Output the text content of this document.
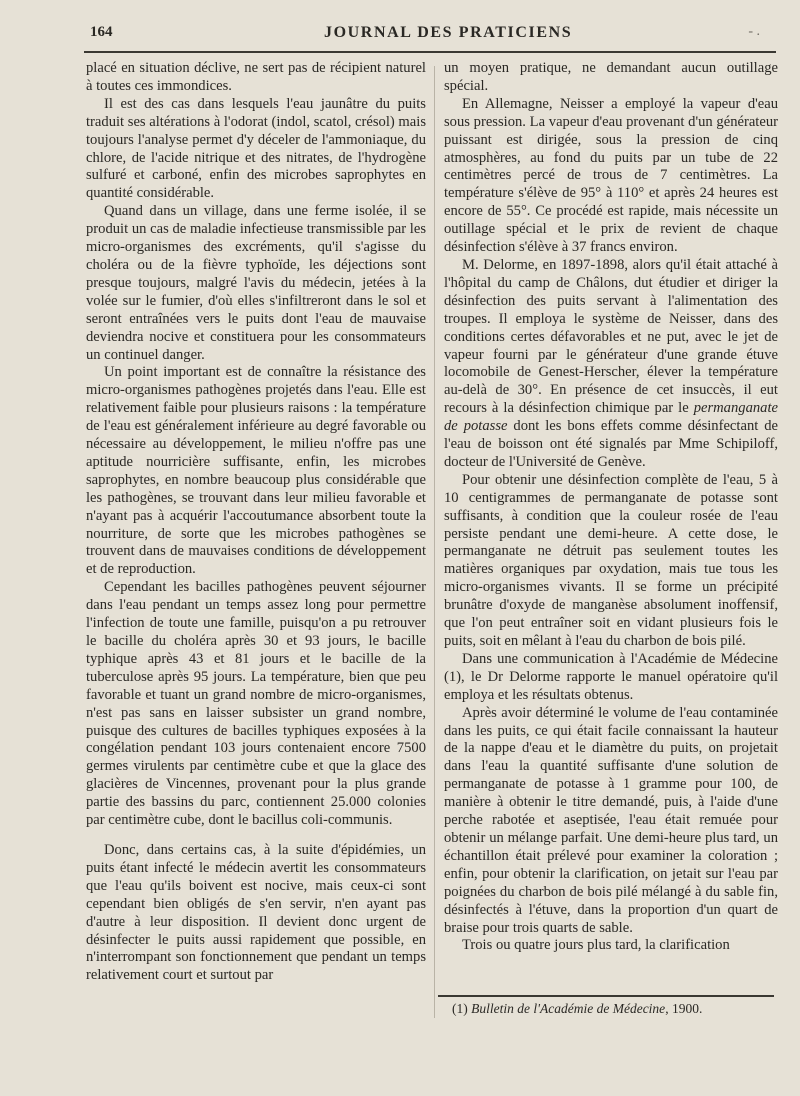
164	JOURNAL DES PRATICIENS	- .

placé en situation déclive, ne sert pas de récipient naturel à toutes ces immondices.

Il est des cas dans lesquels l'eau jaunâtre du puits traduit ses altérations à l'odorat (indol, scatol, crésol) mais toujours l'analyse permet d'y déceler de l'ammoniaque, du chlore, de l'acide nitrique et des nitrates, de l'hydrogène sulfuré et carboné, enfin des microbes saprophytes en quantité considérable.

Quand dans un village, dans une ferme isolée, il se produit un cas de maladie infectieuse transmissible par les micro-organismes des excréments, qu'il s'agisse du choléra ou de la fièvre typhoïde, les déjections sont presque toujours, malgré l'avis du médecin, jetées à la volée sur le fumier, d'où elles s'infiltreront dans le sol et seront entraînées vers le puits dont l'eau de mauvaise deviendra nocive et constituera pour les consommateurs un continuel danger.

Un point important est de connaître la résistance des micro-organismes pathogènes projetés dans l'eau. Elle est relativement faible pour plusieurs raisons : la température de l'eau est généralement inférieure au degré favorable ou nécessaire au développement, le milieu n'offre pas une aptitude nourricière suffisante, enfin, les microbes saprophytes, en nombre beaucoup plus considérable que les pathogènes, se trouvant dans leur milieu favorable et n'ayant pas à acquérir l'accoutumance absorbent toute la nourriture, de sorte que les microbes pathogènes se trouvent dans de mauvaises conditions de développement et de reproduction.

Cependant les bacilles pathogènes peuvent séjourner dans l'eau pendant un temps assez long pour permettre l'infection de toute une famille, puisqu'on a pu retrouver le bacille du choléra après 30 et 93 jours, le bacille typhique après 43 et 81 jours et le bacille de la tuberculose après 95 jours. La température, bien que peu favorable et tuant un grand nombre de micro-organismes, n'est pas sans en laisser subsister un grand nombre, puisque des cultures de bacilles typhiques exposées à la congélation pendant 103 jours contenaient encore 7500 germes virulents par centimètre cube et que la glace des glacières de Vincennes, provenant pour la plus grande partie des bassins du parc, contiennent 25.000 colonies par centimètre cube, dont le bacillus coli-communis.

Donc, dans certains cas, à la suite d'épidémies, un puits étant infecté le médecin avertit les consommateurs que l'eau qu'ils boivent est nocive, mais ceux-ci sont cependant bien obligés de s'en servir, n'en ayant pas d'autre à leur disposition. Il devient donc urgent de désinfecter le puits aussi rapidement que possible, en n'interrompant son fonctionnement que pendant un temps relativement court et surtout par

un moyen pratique, ne demandant aucun outillage spécial.

En Allemagne, Neisser a employé la vapeur d'eau sous pression. La vapeur d'eau provenant d'un générateur puissant est dirigée, sous la pression de cinq atmosphères, au fond du puits par un tube de 22 centimètres percé de trous de 7 centimètres. La température s'élève de 95° à 110° et après 24 heures est encore de 55°. Ce procédé est rapide, mais nécessite un outillage spécial et le prix de revient de chaque désinfection s'élève à 37 francs environ.

M. Delorme, en 1897-1898, alors qu'il était attaché à l'hôpital du camp de Châlons, dut étudier et diriger la désinfection des puits servant à l'alimentation des troupes. Il employa le système de Neisser, dans des conditions certes défavorables et ne put, avec le jet de vapeur fourni par le générateur d'une grande étuve locomobile de Genest-Herscher, élever la température au-delà de 30°. En présence de cet insuccès, il eut recours à la désinfection chimique par le permanganate de potasse dont les bons effets comme désinfectant de l'eau de boisson ont été signalés par Mme Schipiloff, docteur de l'Université de Genève.

Pour obtenir une désinfection complète de l'eau, 5 à 10 centigrammes de permanganate de potasse sont suffisants, à condition que la couleur rosée de l'eau persiste pendant une demi-heure. A cette dose, le permanganate ne détruit pas seulement toutes les matières organiques par oxydation, mais tue tous les micro-organismes vivants. Il se forme un précipité brunâtre d'oxyde de manganèse absolument inoffensif, que l'on peut entraîner soit en vidant plusieurs fois le puits, soit en mêlant à l'eau du charbon de bois pilé.

Dans une communication à l'Académie de Médecine (1), le Dr Delorme rapporte le manuel opératoire qu'il employa et les résultats obtenus.

Après avoir déterminé le volume de l'eau contaminée dans les puits, ce qui était facile connaissant la hauteur de la nappe d'eau et le diamètre du puits, on projetait dans l'eau la quantité suffisante d'une solution de permanganate de potasse à 1 gramme pour 100, de manière à obtenir le titre demandé, puis, à l'aide d'une perche rabotée et aseptisée, l'eau était remuée pour obtenir un mélange parfait. Une demi-heure plus tard, un échantillon était prélevé pour examiner la coloration ; enfin, pour obtenir la clarification, on jetait sur l'eau par poignées du charbon de bois pilé mélangé à du sable fin, désinfectés à l'étuve, dans la proportion d'un quart de braise pour trois quarts de sable.

Trois ou quatre jours plus tard, la clarification

(1) Bulletin de l'Académie de Médecine, 1900.
